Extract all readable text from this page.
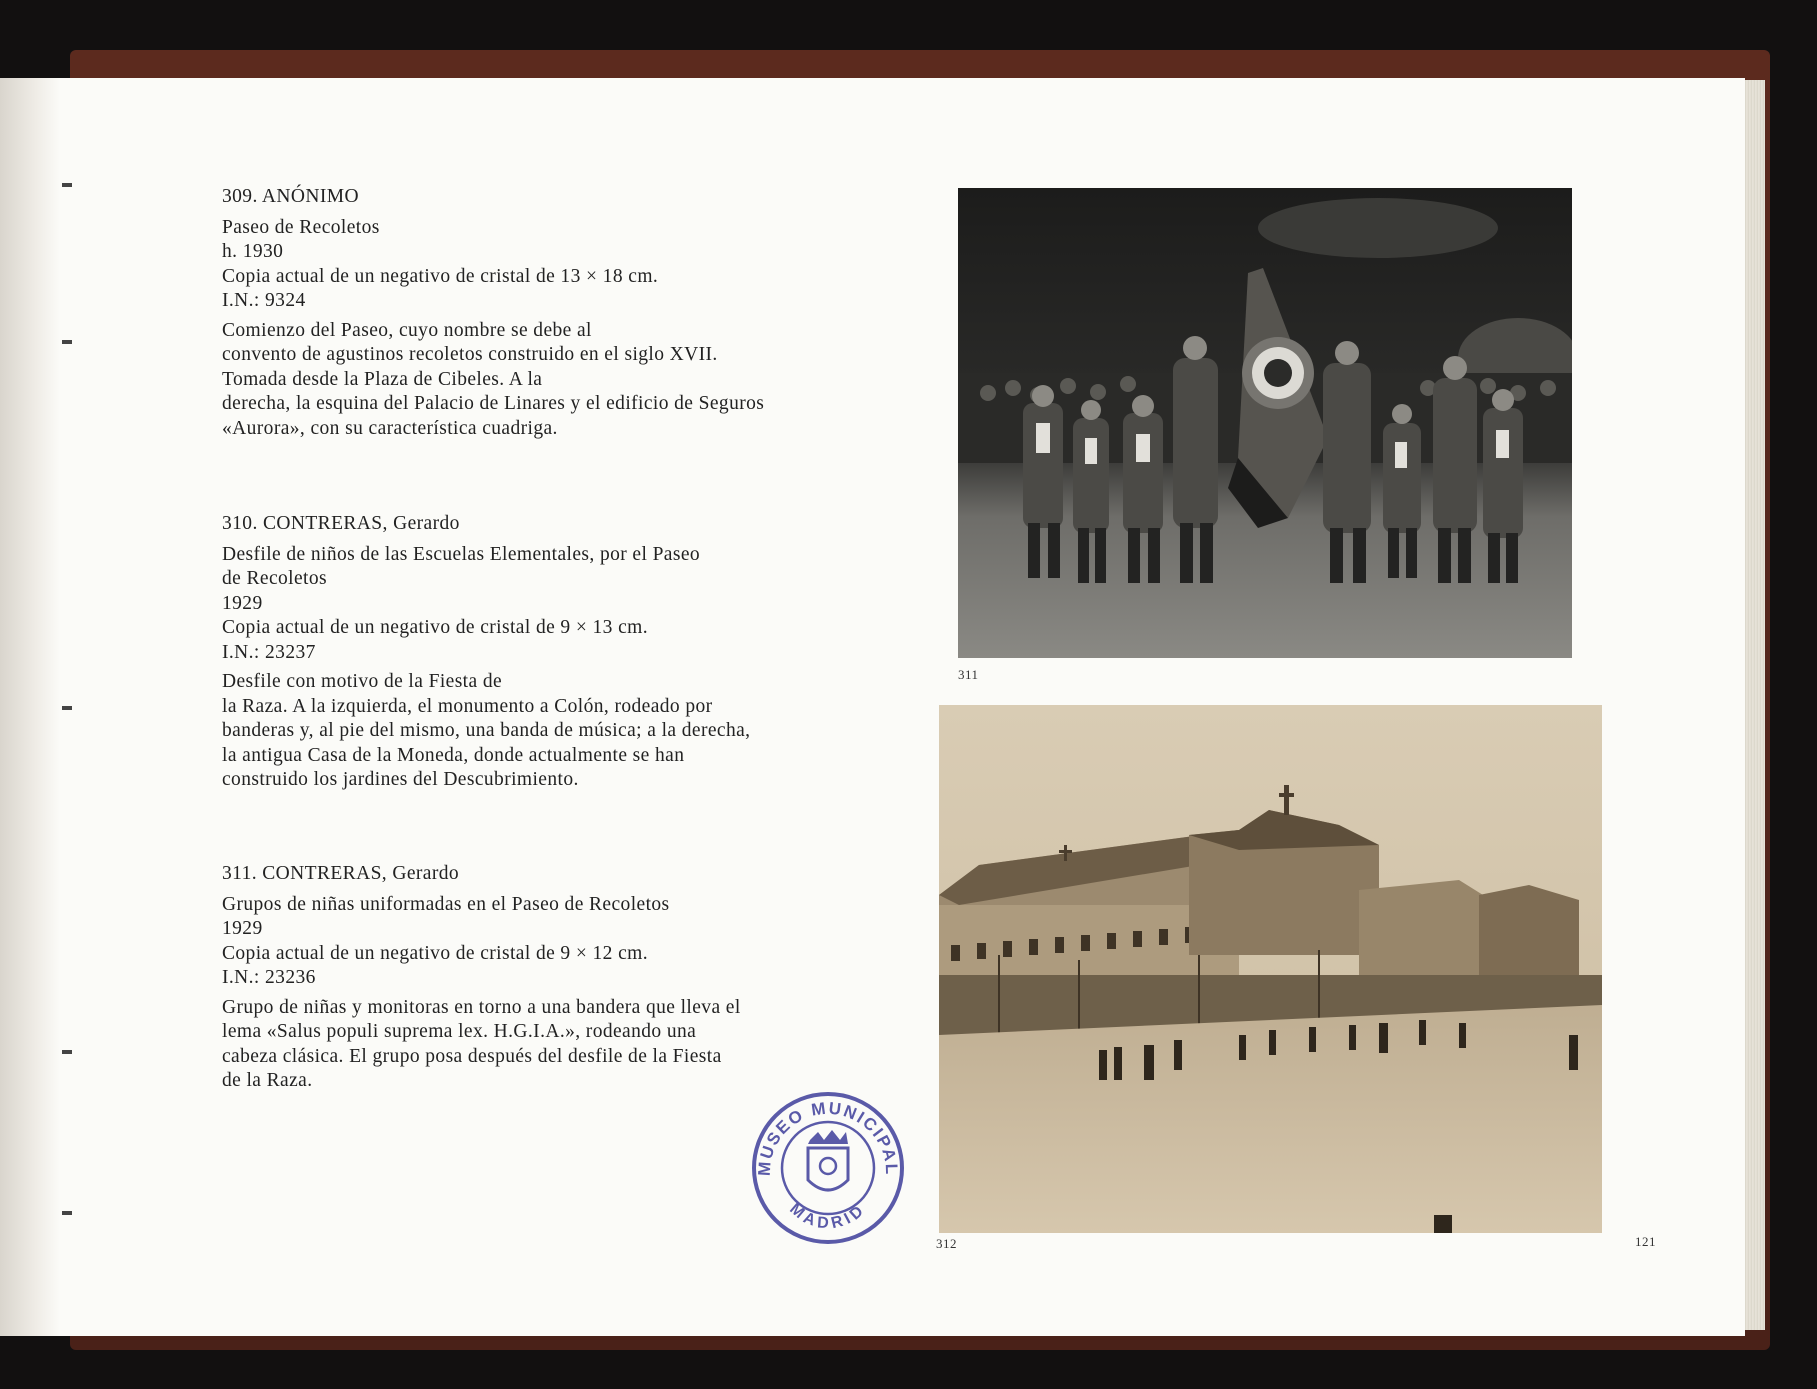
309. ANÓNIMO
Paseo de Recoletos
h. 1930
Copia actual de un negativo de cristal de 13 × 18 cm.
I.N.: 9324
Comienzo del Paseo, cuyo nombre se debe al
convento de agustinos recoletos construido en el siglo XVII.
Tomada desde la Plaza de Cibeles. A la
derecha, la esquina del Palacio de Linares y el edificio de Seguros
«Aurora», con su característica cuadriga.
310. CONTRERAS, Gerardo
Desfile de niños de las Escuelas Elementales, por el Paseo
de Recoletos
1929
Copia actual de un negativo de cristal de 9 × 13 cm.
I.N.: 23237
Desfile con motivo de la Fiesta de
la Raza. A la izquierda, el monumento a Colón, rodeado por
banderas y, al pie del mismo, una banda de música; a la derecha,
la antigua Casa de la Moneda, donde actualmente se han
construido los jardines del Descubrimiento.
311. CONTRERAS, Gerardo
Grupos de niñas uniformadas en el Paseo de Recoletos
1929
Copia actual de un negativo de cristal de 9 × 12 cm.
I.N.: 23236
Grupo de niñas y monitoras en torno a una bandera que lleva el
lema «Salus populi suprema lex. H.G.I.A.», rodeando una
cabeza clásica. El grupo posa después del desfile de la Fiesta
de la Raza.
311
312	121
MUSEO MUNICIPAL
MADRID
